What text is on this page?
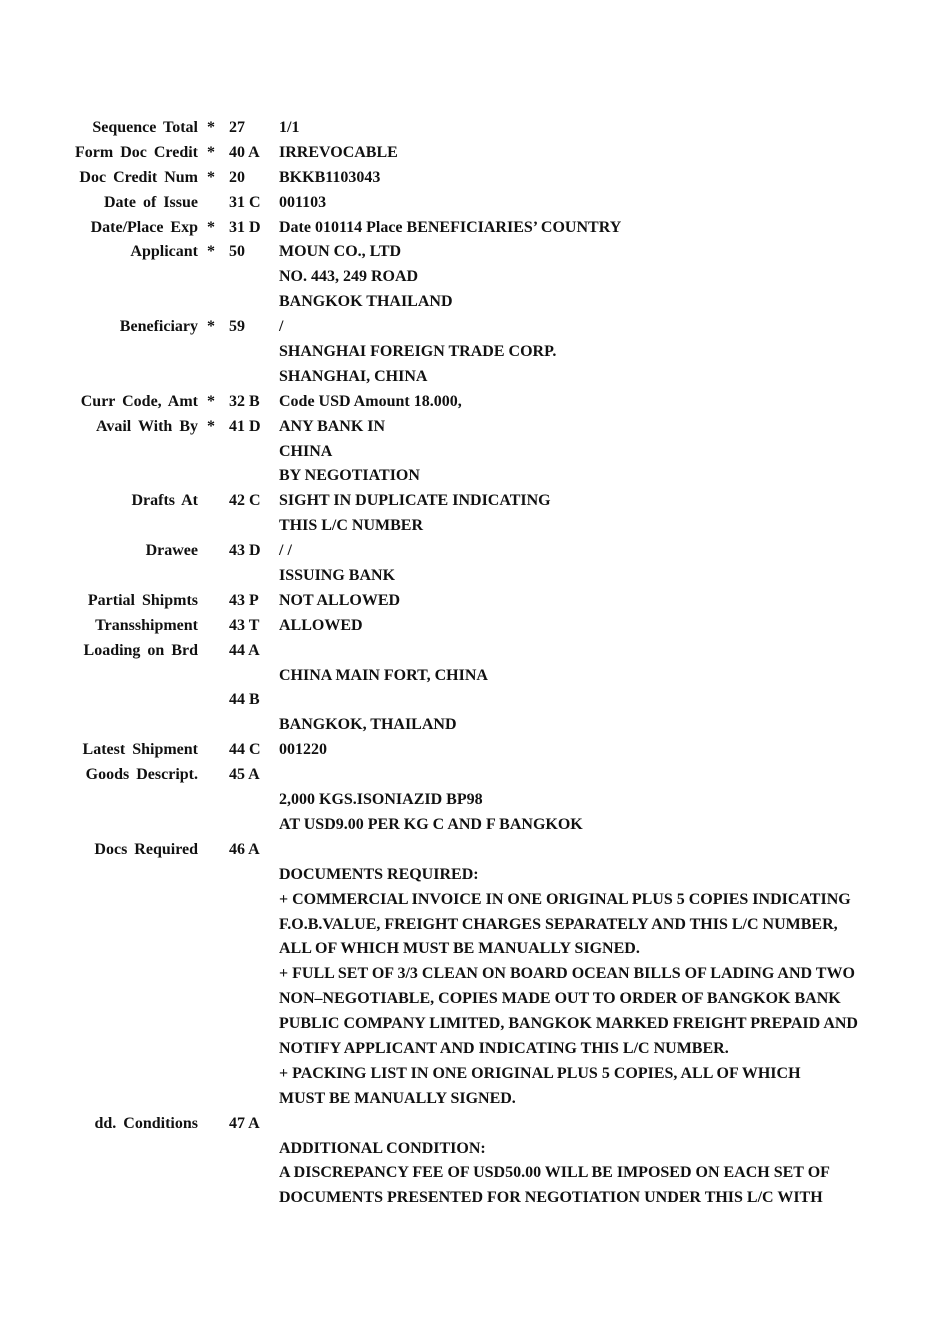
Sequence Total * 27 1/1
Form Doc Credit * 40 A IRREVOCABLE
Doc Credit Num * 20 BKKB1103043
Date of Issue 31 C 001103
Date/Place Exp * 31 D Date 010114 Place BENEFICIARIES’ COUNTRY
Applicant * 50 MOUN CO., LTD
NO. 443, 249 ROAD
BANGKOK THAILAND
Beneficiary * 59 /
SHANGHAI FOREIGN TRADE CORP.
SHANGHAI, CHINA
Curr Code, Amt * 32 B Code USD Amount 18.000,
Avail With By * 41 D ANY BANK IN
CHINA
BY NEGOTIATION
Drafts At 42 C SIGHT IN DUPLICATE INDICATING
THIS L/C NUMBER
Drawee 43 D / /
ISSUING BANK
Partial Shipmts 43 P NOT ALLOWED
Transshipment 43 T ALLOWED
Loading on Brd 44 A
CHINA MAIN FORT, CHINA
44 B
BANGKOK, THAILAND
Latest Shipment 44 C 001220
Goods Descript. 45 A
2,000 KGS.ISONIAZID BP98
AT USD9.00 PER KG C AND F BANGKOK
Docs Required 46 A
DOCUMENTS REQUIRED:
+ COMMERCIAL INVOICE IN ONE ORIGINAL PLUS 5 COPIES INDICATING
F.O.B.VALUE, FREIGHT CHARGES SEPARATELY AND THIS L/C NUMBER,
ALL OF WHICH MUST BE MANUALLY SIGNED.
+ FULL SET OF 3/3 CLEAN ON BOARD OCEAN BILLS OF LADING AND TWO
NON–NEGOTIABLE, COPIES MADE OUT TO ORDER OF BANGKOK BANK
PUBLIC COMPANY LIMITED, BANGKOK MARKED FREIGHT PREPAID AND
NOTIFY APPLICANT AND INDICATING THIS L/C NUMBER.
+ PACKING LIST IN ONE ORIGINAL PLUS 5 COPIES, ALL OF WHICH
MUST BE MANUALLY SIGNED.
dd. Conditions 47 A
ADDITIONAL CONDITION:
A DISCREPANCY FEE OF USD50.00 WILL BE IMPOSED ON EACH SET OF
DOCUMENTS PRESENTED FOR NEGOTIATION UNDER THIS L/C WITH
